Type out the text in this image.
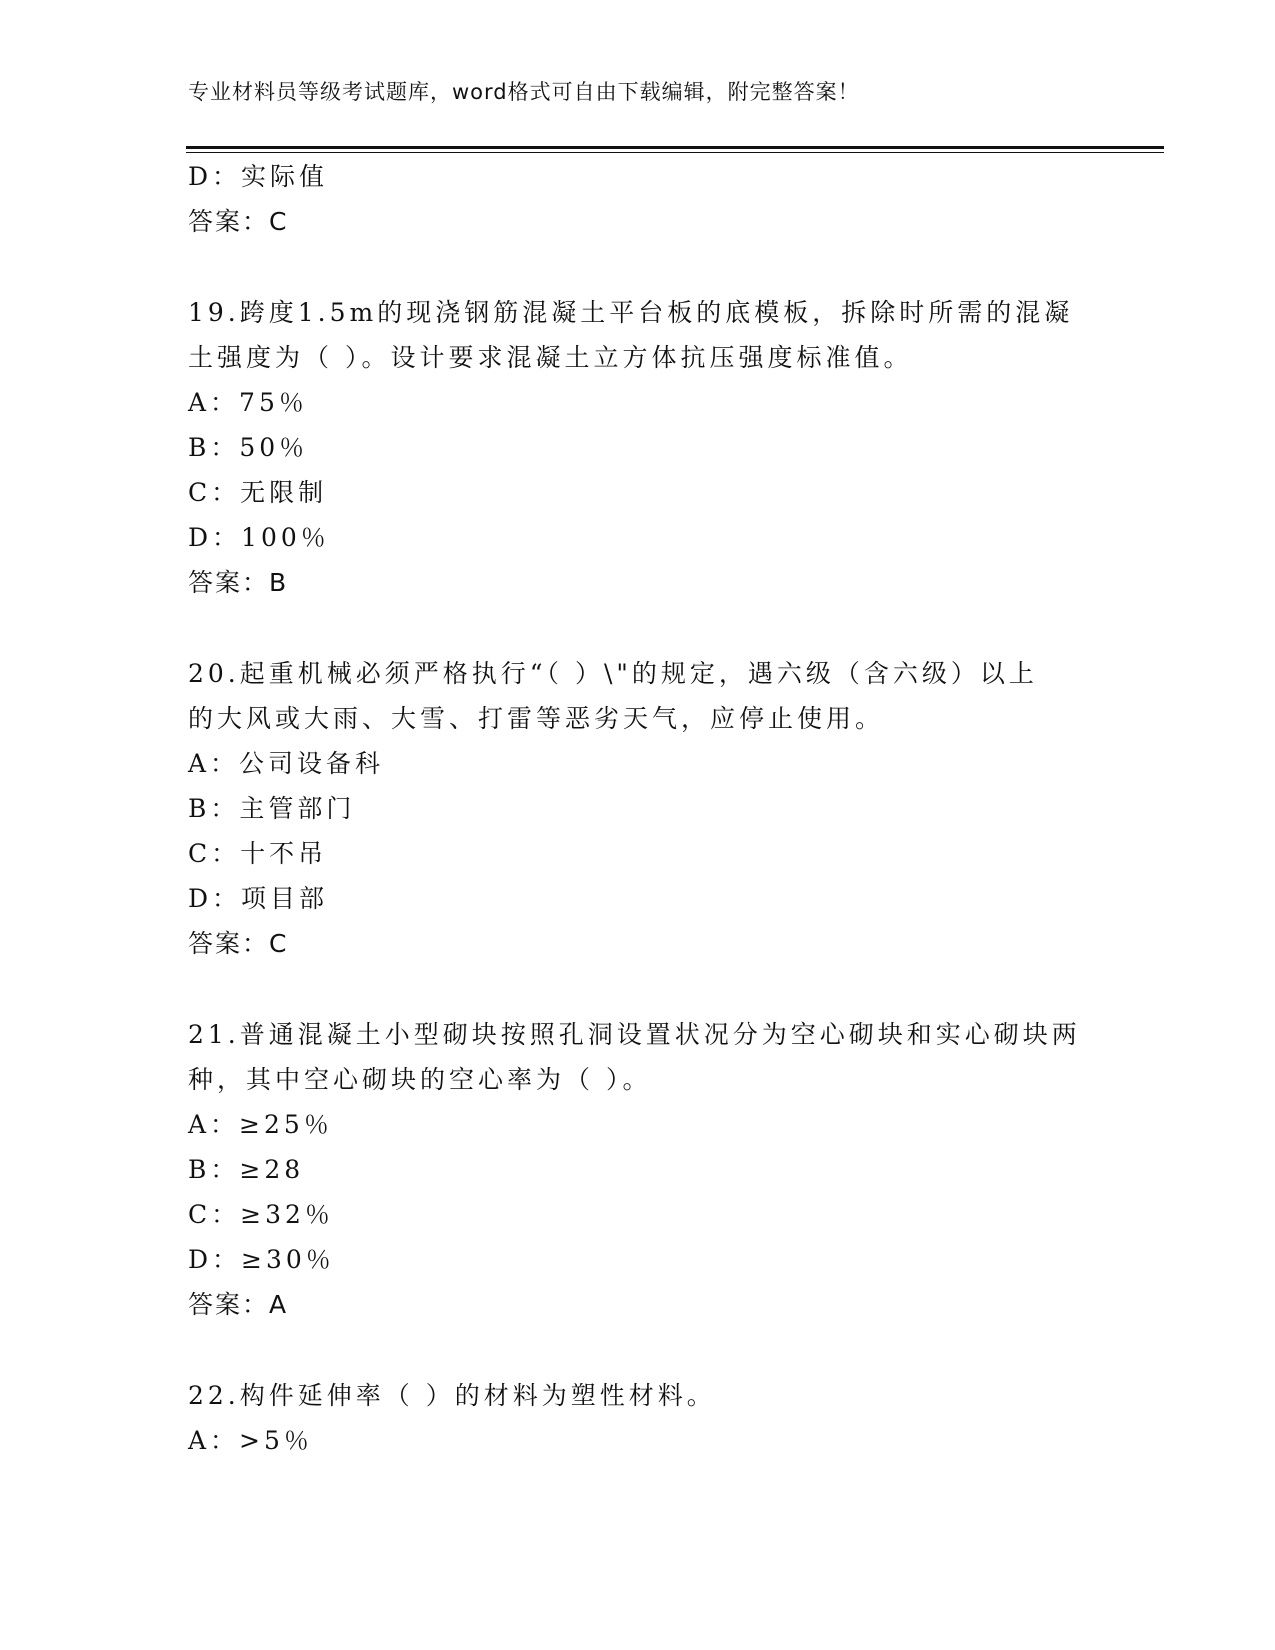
专业材料员等级考试题库，word格式可自由下载编辑，附完整答案！
D：实际值
答案：C
19.跨度1.5m的现浇钢筋混凝土平台板的底模板，拆除时所需的混凝
土强度为（ ）。设计要求混凝土立方体抗压强度标准值。
A：75％
B：50％
C：无限制
D：100％
答案：B
20.起重机械必须严格执行“（ ）\"的规定，遇六级（含六级）以上
的大风或大雨、大雪、打雷等恶劣天气，应停止使用。
A：公司设备科
B：主管部门
C：十不吊
D：项目部
答案：C
21.普通混凝土小型砌块按照孔洞设置状况分为空心砌块和实心砌块两
种，其中空心砌块的空心率为（ ）。
A：≥25％
B：≥28
C：≥32％
D：≥30％
答案：A
22.构件延伸率（ ）的材料为塑性材料。
A：>5％
